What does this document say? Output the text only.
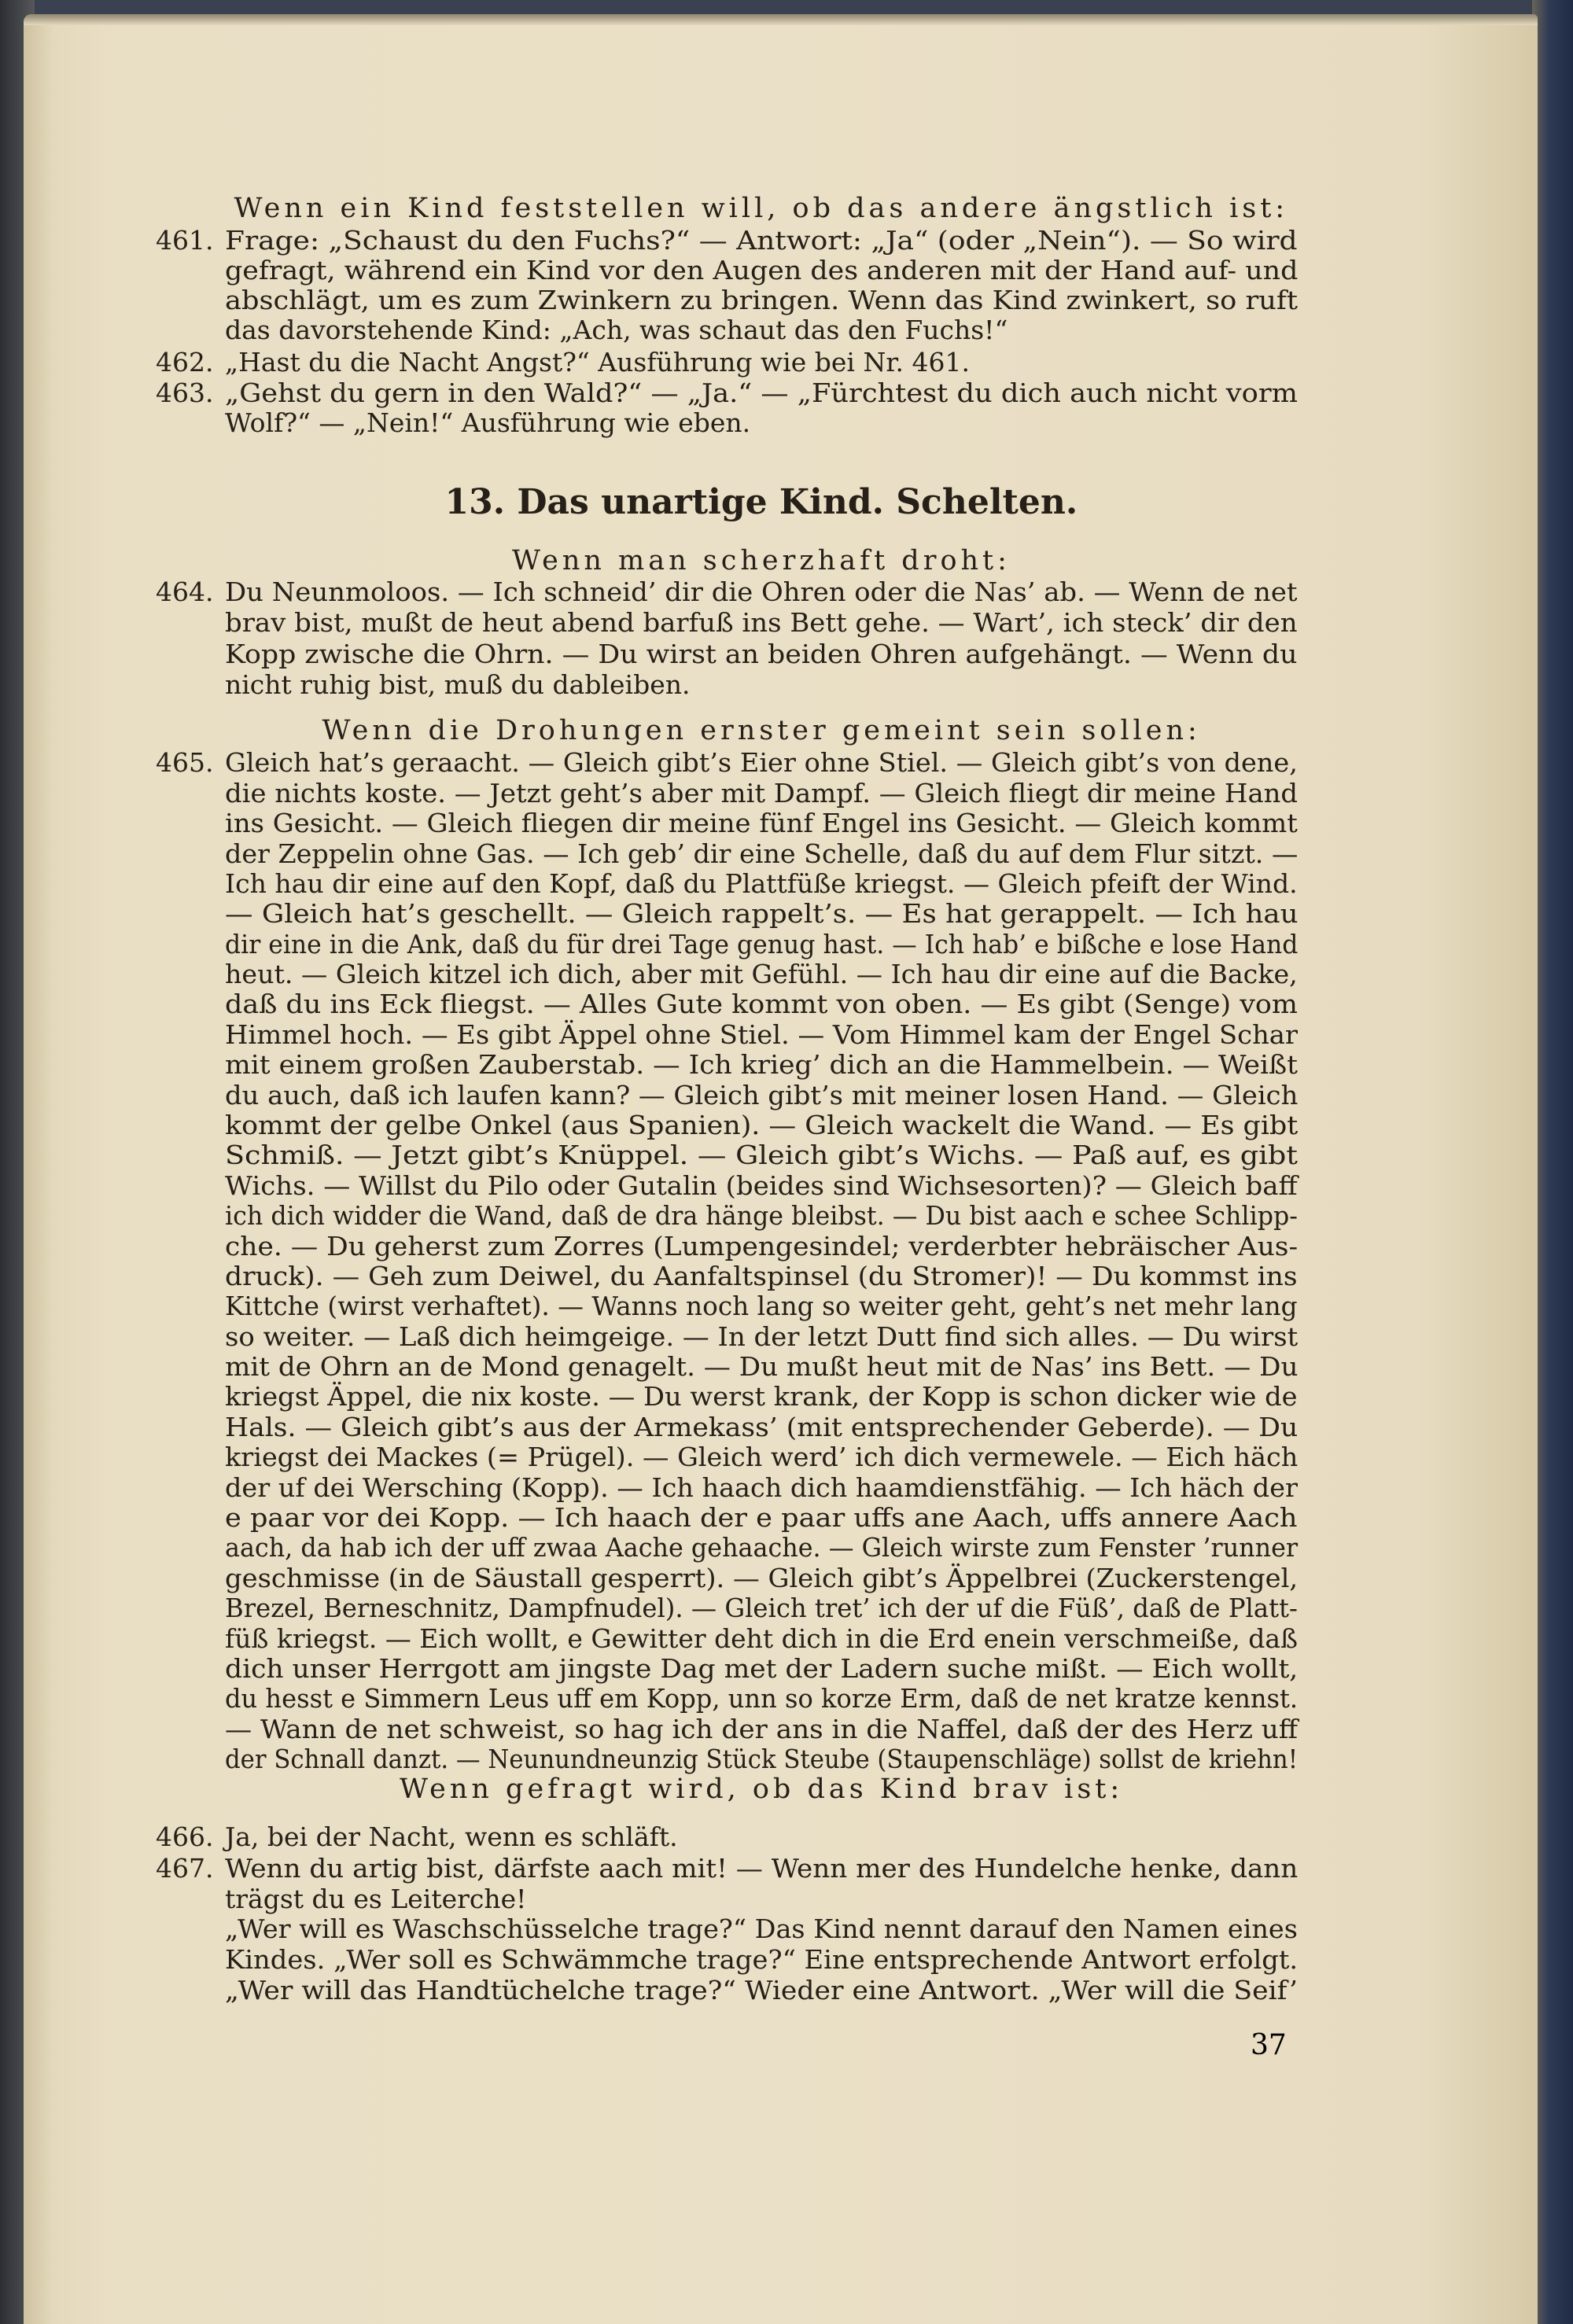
Wenn ein Kind feststellen will, ob das andere ängstlich ist:

461. Frage: „Schaust du den Fuchs?“ — Antwort: „Ja“ (oder „Nein“). — So wird

gefragt, während ein Kind vor den Augen des anderen mit der Hand auf- und

abschlägt, um es zum Zwinkern zu bringen. Wenn das Kind zwinkert, so ruft

das davorstehende Kind: „Ach, was schaut das den Fuchs!“

462. „Hast du die Nacht Angst?“ Ausführung wie bei Nr. 461.

463. „Gehst du gern in den Wald?“ — „Ja.“ — „Fürchtest du dich auch nicht vorm

Wolf?“ — „Nein!“ Ausführung wie eben.

13. Das unartige Kind. Schelten.

Wenn man scherzhaft droht:

464. Du Neunmoloos. — Ich schneid’ dir die Ohren oder die Nas’ ab. — Wenn de net

brav bist, mußt de heut abend barfuß ins Bett gehe. — Wart’, ich steck’ dir den

Kopp zwische die Ohrn. — Du wirst an beiden Ohren aufgehängt. — Wenn du

nicht ruhig bist, muß du dableiben.

Wenn die Drohungen ernster gemeint sein sollen:

465. Gleich hat’s geraacht. — Gleich gibt’s Eier ohne Stiel. — Gleich gibt’s von dene,

die nichts koste. — Jetzt geht’s aber mit Dampf. — Gleich fliegt dir meine Hand

ins Gesicht. — Gleich fliegen dir meine fünf Engel ins Gesicht. — Gleich kommt

der Zeppelin ohne Gas. — Ich geb’ dir eine Schelle, daß du auf dem Flur sitzt. —

Ich hau dir eine auf den Kopf, daß du Plattfüße kriegst. — Gleich pfeift der Wind.

— Gleich hat’s geschellt. — Gleich rappelt’s. — Es hat gerappelt. — Ich hau

dir eine in die Ank, daß du für drei Tage genug hast. — Ich hab’ e bißche e lose Hand

heut. — Gleich kitzel ich dich, aber mit Gefühl. — Ich hau dir eine auf die Backe,

daß du ins Eck fliegst. — Alles Gute kommt von oben. — Es gibt (Senge) vom

Himmel hoch. — Es gibt Äppel ohne Stiel. — Vom Himmel kam der Engel Schar

mit einem großen Zauberstab. — Ich krieg’ dich an die Hammelbein. — Weißt

du auch, daß ich laufen kann? — Gleich gibt’s mit meiner losen Hand. — Gleich

kommt der gelbe Onkel (aus Spanien). — Gleich wackelt die Wand. — Es gibt

Schmiß. — Jetzt gibt’s Knüppel. — Gleich gibt’s Wichs. — Paß auf, es gibt

Wichs. — Willst du Pilo oder Gutalin (beides sind Wichsesorten)? — Gleich baff

ich dich widder die Wand, daß de dra hänge bleibst. — Du bist aach e schee Schlipp-

che. — Du geherst zum Zorres (Lumpengesindel; verderbter hebräischer Aus-

druck). — Geh zum Deiwel, du Aanfaltspinsel (du Stromer)! — Du kommst ins

Kittche (wirst verhaftet). — Wanns noch lang so weiter geht, geht’s net mehr lang

so weiter. — Laß dich heimgeige. — In der letzt Dutt find sich alles. — Du wirst

mit de Ohrn an de Mond genagelt. — Du mußt heut mit de Nas’ ins Bett. — Du

kriegst Äppel, die nix koste. — Du werst krank, der Kopp is schon dicker wie de

Hals. — Gleich gibt’s aus der Armekass’ (mit entsprechender Geberde). — Du

kriegst dei Mackes (= Prügel). — Gleich werd’ ich dich vermewele. — Eich häch

der uf dei Wersching (Kopp). — Ich haach dich haamdienstfähig. — Ich häch der

e paar vor dei Kopp. — Ich haach der e paar uffs ane Aach, uffs annere Aach

aach, da hab ich der uff zwaa Aache gehaache. — Gleich wirste zum Fenster ’runner

geschmisse (in de Säustall gesperrt). — Gleich gibt’s Äppelbrei (Zuckerstengel,

Brezel, Berneschnitz, Dampfnudel). — Gleich tret’ ich der uf die Füß’, daß de Platt-

füß kriegst. — Eich wollt, e Gewitter deht dich in die Erd enein verschmeiße, daß

dich unser Herrgott am jingste Dag met der Ladern suche mißt. — Eich wollt,

du hesst e Simmern Leus uff em Kopp, unn so korze Erm, daß de net kratze kennst.

— Wann de net schweist, so hag ich der ans in die Naffel, daß der des Herz uff

der Schnall danzt. — Neunundneunzig Stück Steube (Staupenschläge) sollst de kriehn!

Wenn gefragt wird, ob das Kind brav ist:

466. Ja, bei der Nacht, wenn es schläft.

467. Wenn du artig bist, därfste aach mit! — Wenn mer des Hundelche henke, dann

trägst du es Leiterche!

„Wer will es Waschschüsselche trage?“ Das Kind nennt darauf den Namen eines

Kindes. „Wer soll es Schwämmche trage?“ Eine entsprechende Antwort erfolgt.

„Wer will das Handtüchelche trage?“ Wieder eine Antwort. „Wer will die Seif’

37
